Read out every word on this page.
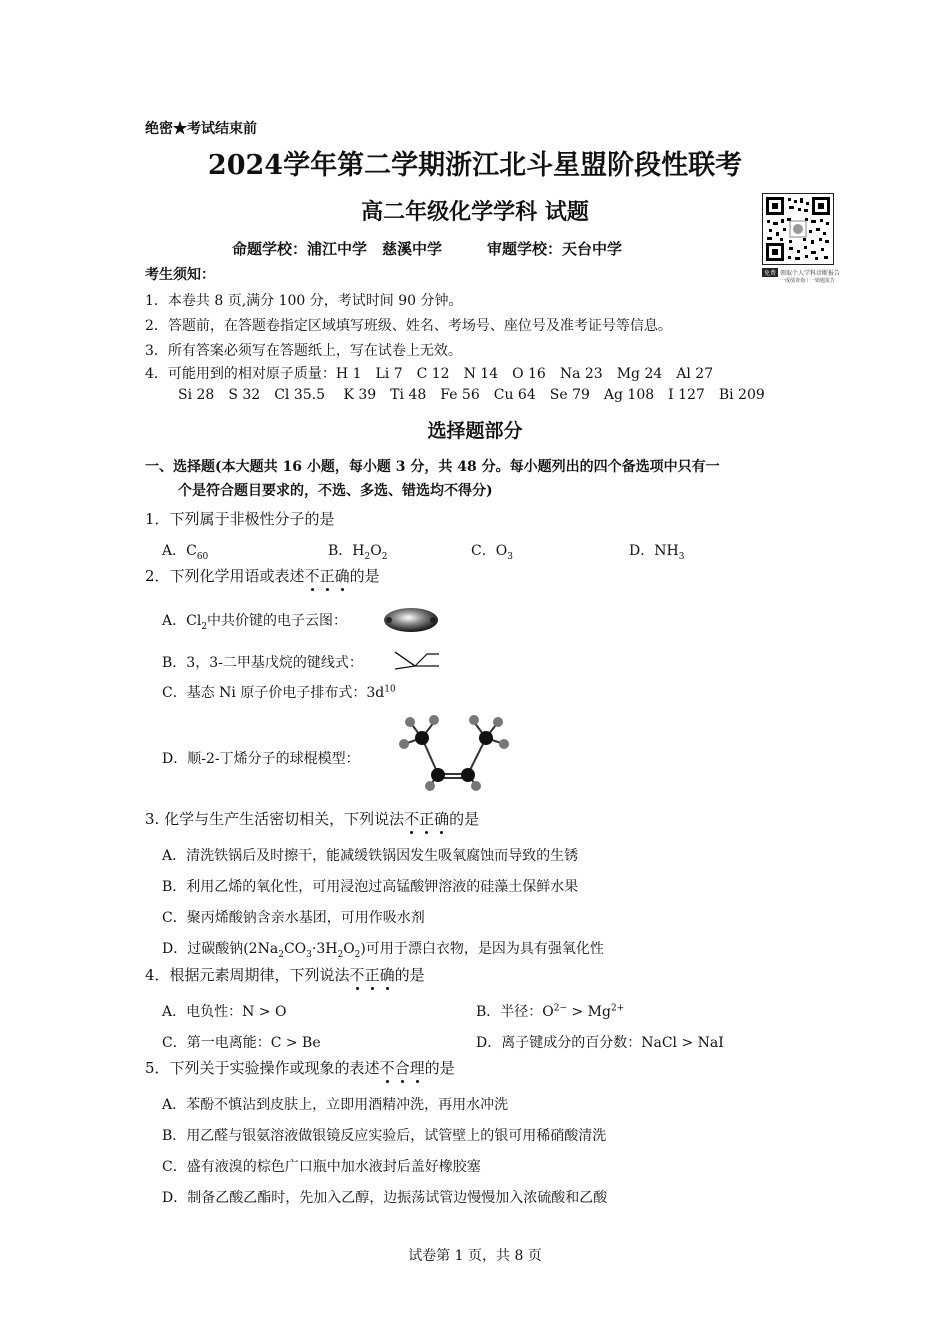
绝密★考试结束前
2024学年第二学期浙江北斗星盟阶段性联考
高二年级化学学科 试题
命题学校：浦江中学　慈溪中学　　　审题学校：天台中学
免费 领取个人学科诊断报告
一成绩查询｜一错题报告
考生须知：
1．本卷共 8 页,满分 100 分，考试时间 90 分钟。
2．答题前，在答题卷指定区域填写班级、姓名、考场号、座位号及准考证号等信息。
3．所有答案必须写在答题纸上，写在试卷上无效。
4．可能用到的相对原子质量：H 1　Li 7　C 12　N 14　O 16　Na 23　Mg 24　Al 27
Si 28　S 32　Cl 35.5　 K 39　Ti 48　Fe 56　Cu 64　Se 79　Ag 108　I 127　Bi 209
选择题部分
一、选择题(本大题共 16 小题，每小题 3 分，共 48 分。每小题列出的四个备选项中只有一
个是符合题目要求的，不选、多选、错选均不得分)
1．下列属于非极性分子的是
A．$C_{60}$	B．$H_2O_2$	C．$O_3$	D．$NH_3$
2．下列化学用语或表述不正确的是
A．$Cl_2$中共价键的电子云图：
B．3，3-二甲基戊烷的键线式：
C．基态 Ni 原子价电子排布式：$3d^{10}$
D．顺-2-丁烯分子的球棍模型：
3. 化学与生产生活密切相关，下列说法不正确的是
A．清洗铁锅后及时擦干，能减缓铁锅因发生吸氧腐蚀而导致的生锈
B．利用乙烯的氧化性，可用浸泡过高锰酸钾溶液的硅藻土保鲜水果
C．聚丙烯酸钠含亲水基团，可用作吸水剂
D．过碳酸钠$(2Na_2CO_3\cdot 3H_2O_2)$可用于漂白衣物，是因为具有强氧化性
4．根据元素周期律，下列说法不正确的是
A．电负性：N > O	B．半径：$O^{2-} > Mg^{2+}$
C．第一电离能：C > Be	D．离子键成分的百分数：NaCl > NaI
5．下列关于实验操作或现象的表述不合理的是
A．苯酚不慎沾到皮肤上，立即用酒精冲洗，再用水冲洗
B．用乙醛与银氨溶液做银镜反应实验后，试管壁上的银可用稀硝酸清洗
C．盛有液溴的棕色广口瓶中加水液封后盖好橡胶塞
D．制备乙酸乙酯时，先加入乙醇，边振荡试管边慢慢加入浓硫酸和乙酸
试卷第 1 页，共 8 页
